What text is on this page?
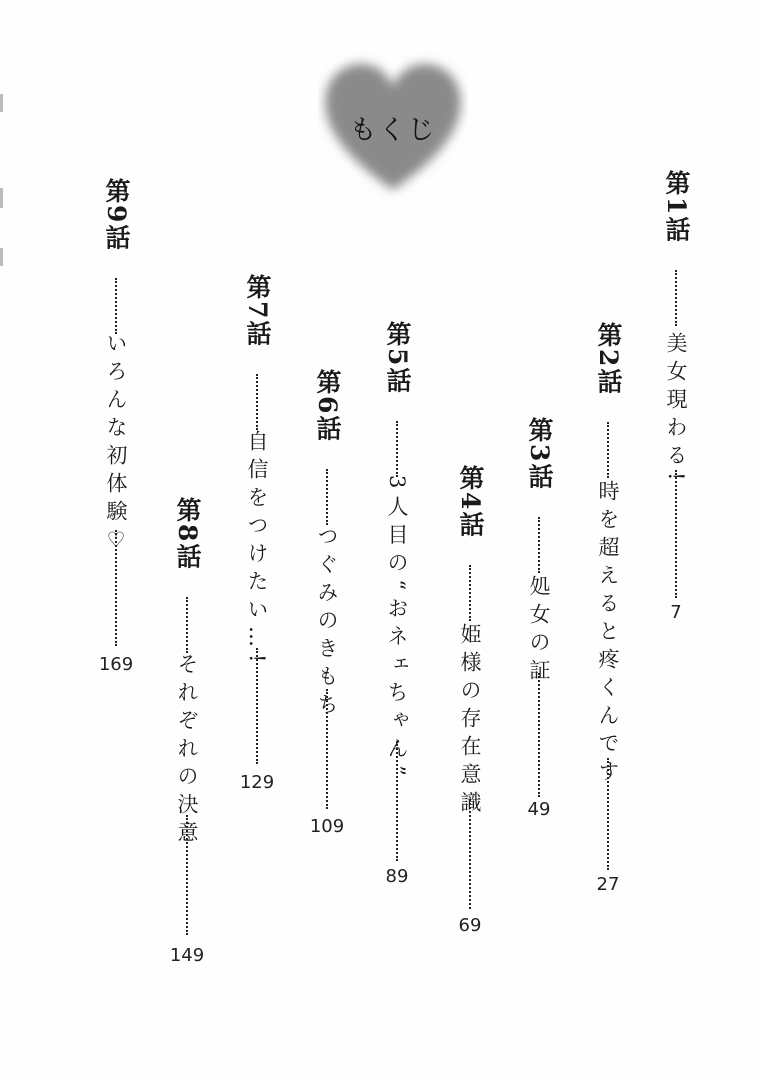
もくじ
第1話
美女現わる!
7
第2話
時を超えると疼くんです
27
第3話
処女の証
49
第4話
姫様の存在意識
69
第5話
3人目の“おネェちゃん”
89
第6話
つぐみのきもち
109
第7話
自信をつけたい…!
129
第8話
それぞれの決意
149
第9話
いろんな初体験♡
169
